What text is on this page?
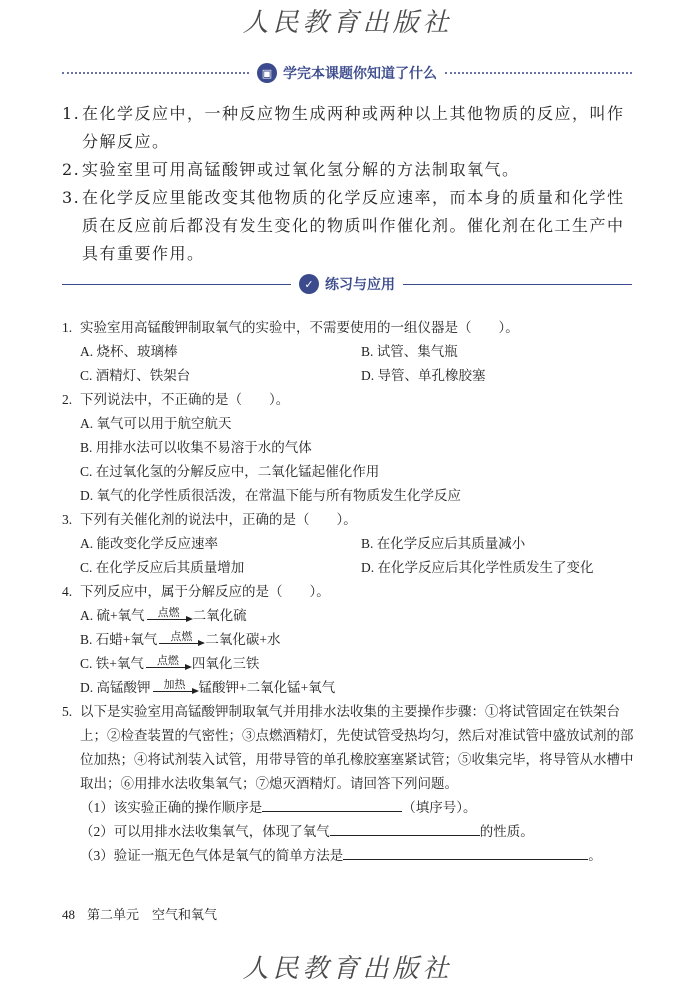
人民教育出版社
▣ 学完本课题你知道了什么
1. 在化学反应中，一种反应物生成两种或两种以上其他物质的反应，叫作分解反应。
2. 实验室里可用高锰酸钾或过氧化氢分解的方法制取氧气。
3. 在化学反应里能改变其他物质的化学反应速率，而本身的质量和化学性质在反应前后都没有发生变化的物质叫作催化剂。催化剂在化工生产中具有重要作用。
✓ 练习与应用
1. 实验室用高锰酸钾制取氧气的实验中，不需要使用的一组仪器是（　　）。
A. 烧杯、玻璃棒	B. 试管、集气瓶
C. 酒精灯、铁架台	D. 导管、单孔橡胶塞
2. 下列说法中，不正确的是（　　）。
A. 氧气可以用于航空航天
B. 用排水法可以收集不易溶于水的气体
C. 在过氧化氢的分解反应中，二氧化锰起催化作用
D. 氧气的化学性质很活泼，在常温下能与所有物质发生化学反应
3. 下列有关催化剂的说法中，正确的是（　　）。
A. 能改变化学反应速率	B. 在化学反应后其质量减小
C. 在化学反应后其质量增加	D. 在化学反应后其化学性质发生了变化
4. 下列反应中，属于分解反应的是（　　）。
A. 硫+氧气 点燃 二氧化硫
B. 石蜡+氧气 点燃 二氧化碳+水
C. 铁+氧气 点燃 四氧化三铁
D. 高锰酸钾 加热 锰酸钾+二氧化锰+氧气
5. 以下是实验室用高锰酸钾制取氧气并用排水法收集的主要操作步骤：①将试管固定在铁架台上；②检查装置的气密性；③点燃酒精灯，先使试管受热均匀，然后对准试管中盛放试剂的部位加热；④将试剂装入试管，用带导管的单孔橡胶塞塞紧试管；⑤收集完毕，将导管从水槽中取出；⑥用排水法收集氧气；⑦熄灭酒精灯。请回答下列问题。
（1）该实验正确的操作顺序是	（填序号）。
（2）可以用排水法收集氧气，体现了氧气	的性质。
（3）验证一瓶无色气体是氧气的简单方法是	。
48 第二单元　空气和氧气
人民教育出版社
